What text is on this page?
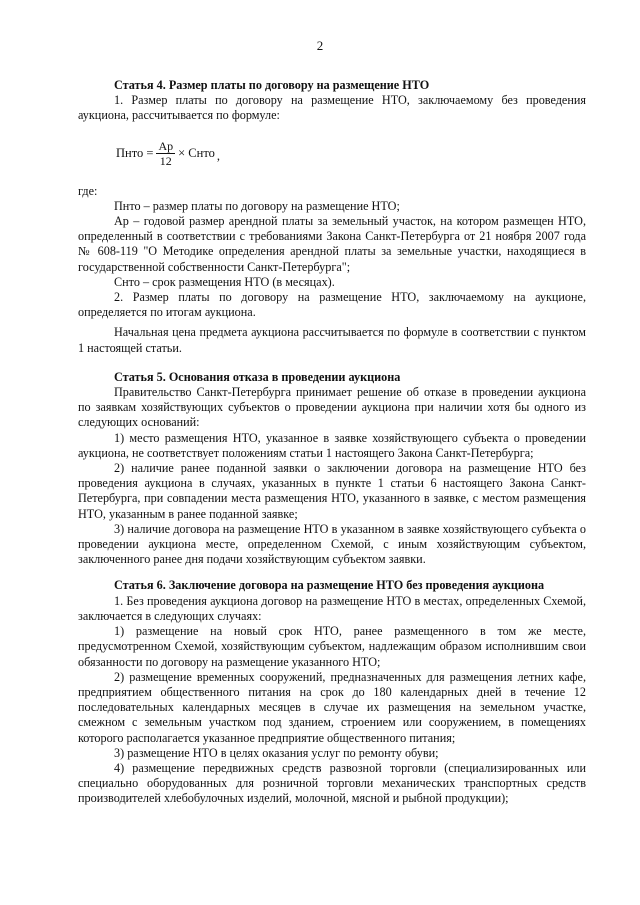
2

Статья 4. Размер платы по договору на размещение НТО

1. Размер платы по договору на размещение НТО, заключаемому без проведения аукциона, рассчитывается по формуле:

Пнто = $\frac{Ар}{12}$ × Снто ,

где:

Пнто – размер платы по договору на размещение НТО;

Ар – годовой размер арендной платы за земельный участок, на котором размещен НТО, определенный в соответствии с требованиями Закона Санкт-Петербурга от 21 ноября 2007 года № 608-119 "О Методике определения арендной платы за земельные участки, находящиеся в государственной собственности Санкт-Петербурга";

Снто – срок размещения НТО (в месяцах).

2. Размер платы по договору на размещение НТО, заключаемому на аукционе, определяется по итогам аукциона.

Начальная цена предмета аукциона рассчитывается по формуле в соответствии с пунктом 1 настоящей статьи.

Статья 5. Основания отказа в проведении аукциона

Правительство Санкт-Петербурга принимает решение об отказе в проведении аукциона по заявкам хозяйствующих субъектов о проведении аукциона при наличии хотя бы одного из следующих оснований:

1) место размещения НТО, указанное в заявке хозяйствующего субъекта о проведении аукциона, не соответствует положениям статьи 1 настоящего Закона Санкт-Петербурга;

2) наличие ранее поданной заявки о заключении договора на размещение НТО без проведения аукциона в случаях, указанных в пункте 1 статьи 6 настоящего Закона Санкт-Петербурга, при совпадении места размещения НТО, указанного в заявке, с местом размещения НТО, указанным в ранее поданной заявке;

3) наличие договора на размещение НТО в указанном в заявке хозяйствующего субъекта о проведении аукциона месте, определенном Схемой, с иным хозяйствующим субъектом, заключенного ранее дня подачи хозяйствующим субъектом заявки.

Статья 6. Заключение договора на размещение НТО без проведения аукциона

1. Без проведения аукциона договор на размещение НТО в местах, определенных Схемой, заключается в следующих случаях:

1) размещение на новый срок НТО, ранее размещенного в том же месте, предусмотренном Схемой, хозяйствующим субъектом, надлежащим образом исполнившим свои обязанности по договору на размещение указанного НТО;

2) размещение временных сооружений, предназначенных для размещения летних кафе, предприятием общественного питания на срок до 180 календарных дней в течение 12 последовательных календарных месяцев в случае их размещения на земельном участке, смежном с земельным участком под зданием, строением или сооружением, в помещениях которого располагается указанное предприятие общественного питания;

3) размещение НТО в целях оказания услуг по ремонту обуви;

4) размещение передвижных средств развозной торговли (специализированных или специально оборудованных для розничной торговли механических транспортных средств производителей хлебобулочных изделий, молочной, мясной и рыбной продукции);
